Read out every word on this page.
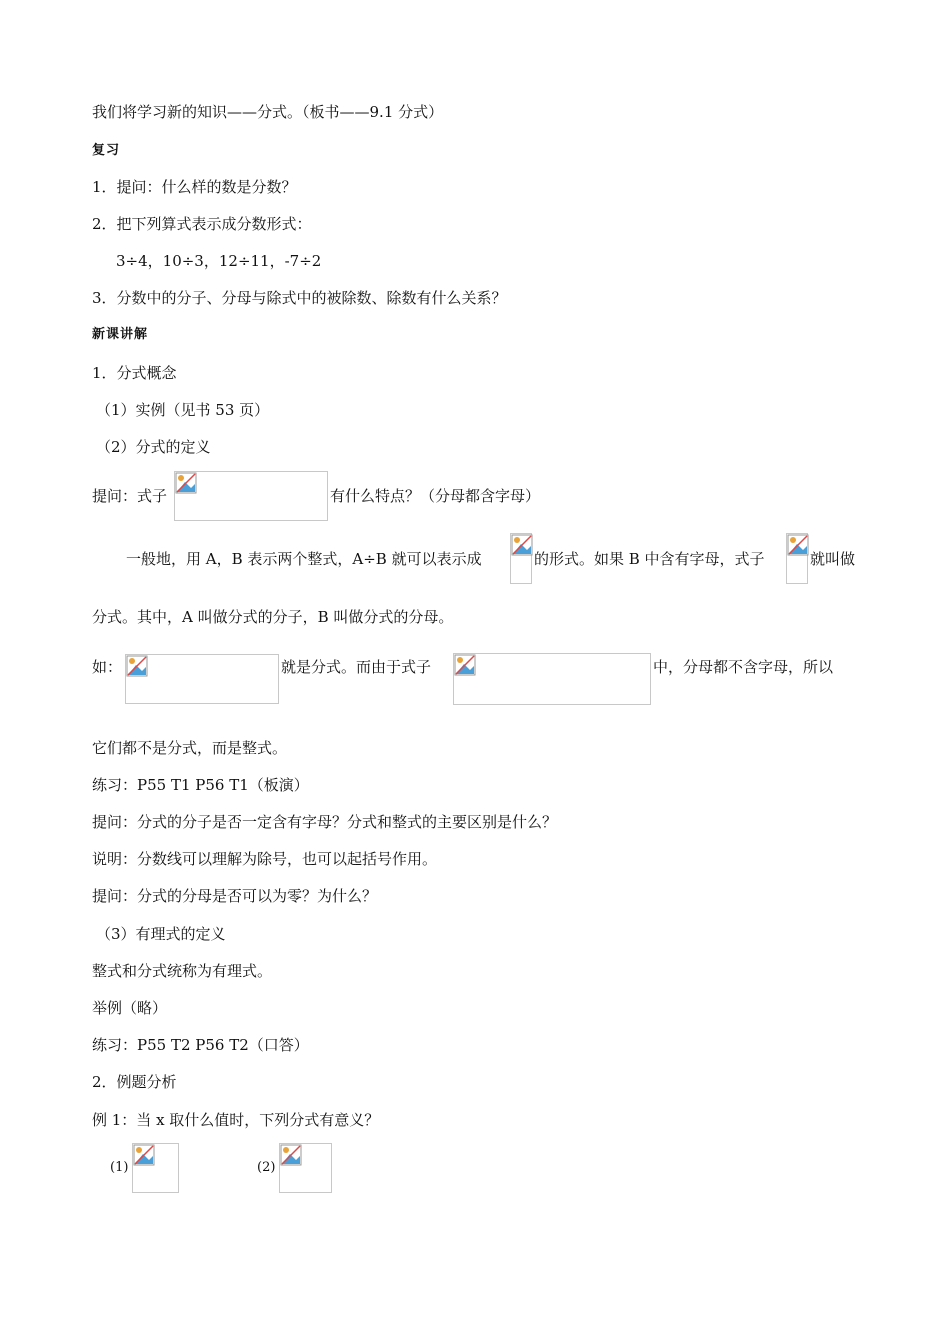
我们将学习新的知识——分式。（板书——9.1 分式）
复习
1．提问：什么样的数是分数？
2．把下列算式表示成分数形式：
3÷4，10÷3，12÷11，-7÷2
3．分数中的分子、分母与除式中的被除数、除数有什么关系？
新课讲解
1．分式概念
（1）实例（见书 53 页）
（2）分式的定义
提问：式子	有什么特点？（分母都含字母）
一般地，用 A，B 表示两个整式，A÷B 就可以表示成	的形式。如果 B 中含有字母，式子	就叫做
分式。其中，A 叫做分式的分子，B 叫做分式的分母。
如：	就是分式。而由于式子	中，分母都不含字母，所以
它们都不是分式，而是整式。
练习：P55 T1 P56 T1（板演）
提问：分式的分子是否一定含有字母？分式和整式的主要区别是什么？
说明：分数线可以理解为除号，也可以起括号作用。
提问：分式的分母是否可以为零？为什么？
（3）有理式的定义
整式和分式统称为有理式。
举例（略）
练习：P55 T2 P56 T2（口答）
2．例题分析
例 1：当 x 取什么值时，下列分式有意义？
(1)	(2)
